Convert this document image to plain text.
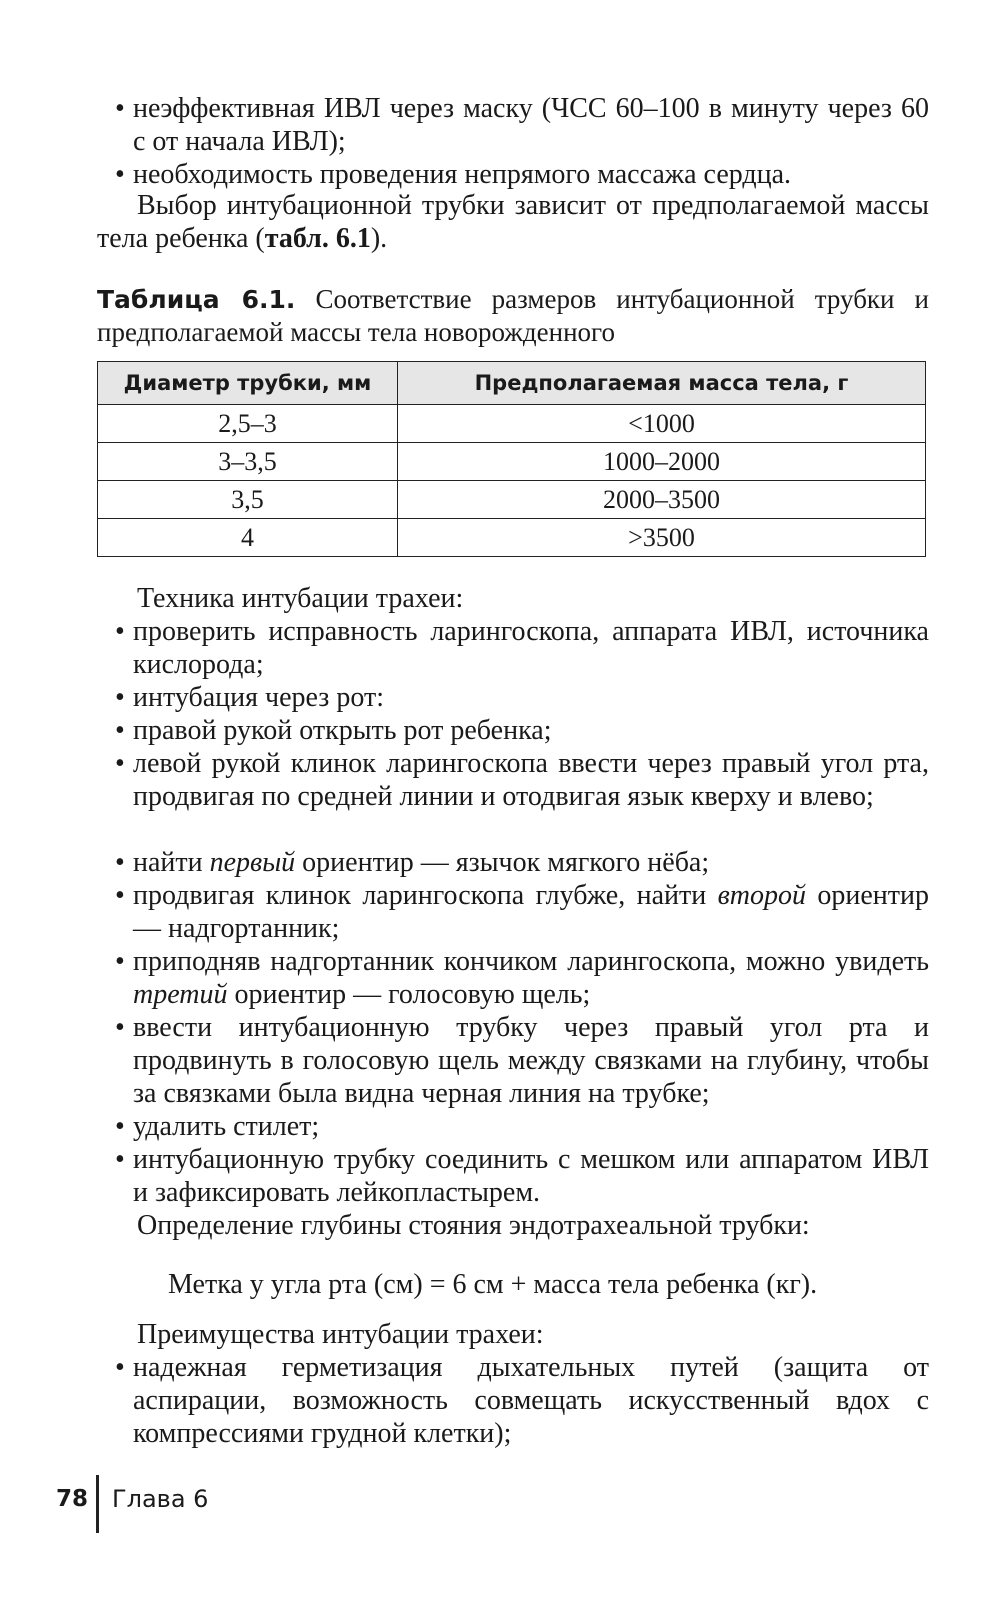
• неэффективная ИВЛ через маску (ЧСС 60–100 в минуту через 60 с от начала ИВЛ);
• необходимость проведения непрямого массажа сердца.
Выбор интубационной трубки зависит от предполагаемой массы тела ребенка (табл. 6.1).
Таблица 6.1. Соответствие размеров интубационной трубки и предполагаемой массы тела новорожденного
Диаметр трубки, мм	Предполагаемая масса тела, г
2,5–3	<1000
3–3,5	1000–2000
3,5	2000–3500
4	>3500
Техника интубации трахеи:
• проверить исправность ларингоскопа, аппарата ИВЛ, источника кислорода;
• интубация через рот:
• правой рукой открыть рот ребенка;
• левой рукой клинок ларингоскопа ввести через правый угол рта, продвигая по средней линии и отодвигая язык кверху и влево;
• найти первый ориентир — язычок мягкого нёба;
• продвигая клинок ларингоскопа глубже, найти второй ориентир — надгортанник;
• приподняв надгортанник кончиком ларингоскопа, можно увидеть третий ориентир — голосовую щель;
• ввести интубационную трубку через правый угол рта и продвинуть в голосовую щель между связками на глубину, чтобы за связками была видна черная линия на трубке;
• удалить стилет;
• интубационную трубку соединить с мешком или аппаратом ИВЛ и зафиксировать лейкопластырем.
Определение глубины стояния эндотрахеальной трубки:
Метка у угла рта (см) = 6 см + масса тела ребенка (кг).
Преимущества интубации трахеи:
• надежная герметизация дыхательных путей (защита от аспирации, возможность совмещать искусственный вдох с компрессиями грудной клетки);
78 Глава 6
